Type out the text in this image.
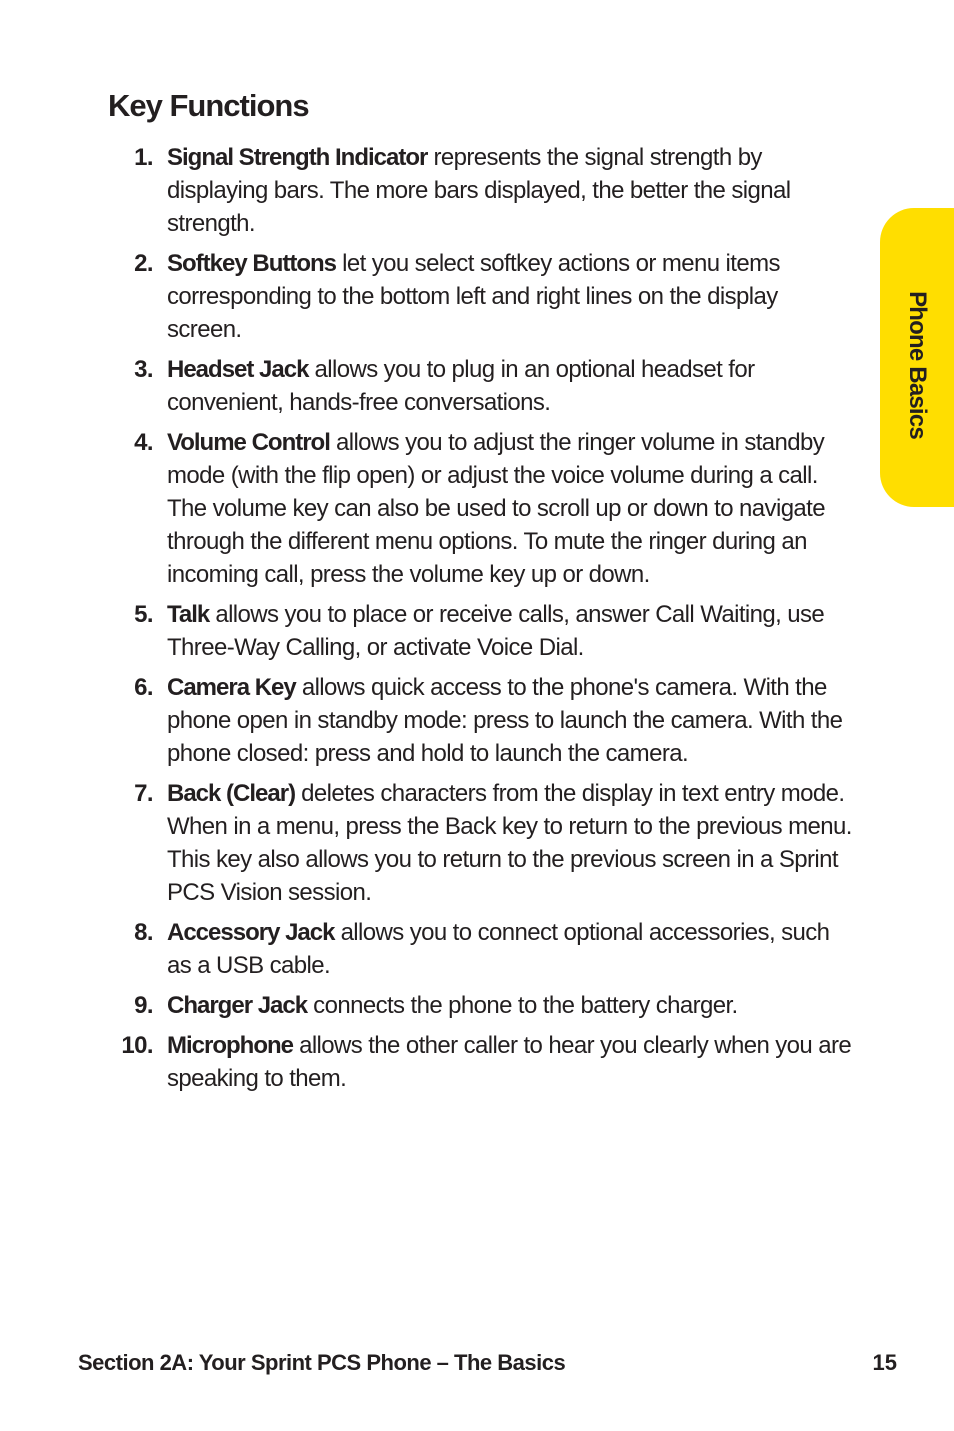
Key Functions
1. Signal Strength Indicator represents the signal strength by displaying bars. The more bars displayed, the better the signal strength.
2. Softkey Buttons let you select softkey actions or menu items corresponding to the bottom left and right lines on the display screen.
3. Headset Jack allows you to plug in an optional headset for convenient, hands-free conversations.
4. Volume Control allows you to adjust the ringer volume in standby mode (with the flip open) or adjust the voice volume during a call. The volume key can also be used to scroll up or down to navigate through the different menu options. To mute the ringer during an incoming call, press the volume key up or down.
5. Talk allows you to place or receive calls, answer Call Waiting, use Three-Way Calling, or activate Voice Dial.
6. Camera Key allows quick access to the phone's camera. With the phone open in standby mode: press to launch the camera. With the phone closed: press and hold to launch the camera.
7. Back (Clear) deletes characters from the display in text entry mode. When in a menu, press the Back key to return to the previous menu. This key also allows you to return to the previous screen in a Sprint PCS Vision session.
8. Accessory Jack allows you to connect optional accessories, such as a USB cable.
9. Charger Jack connects the phone to the battery charger.
10. Microphone allows the other caller to hear you clearly when you are speaking to them.
Phone Basics
Section 2A: Your Sprint PCS Phone – The Basics	15
